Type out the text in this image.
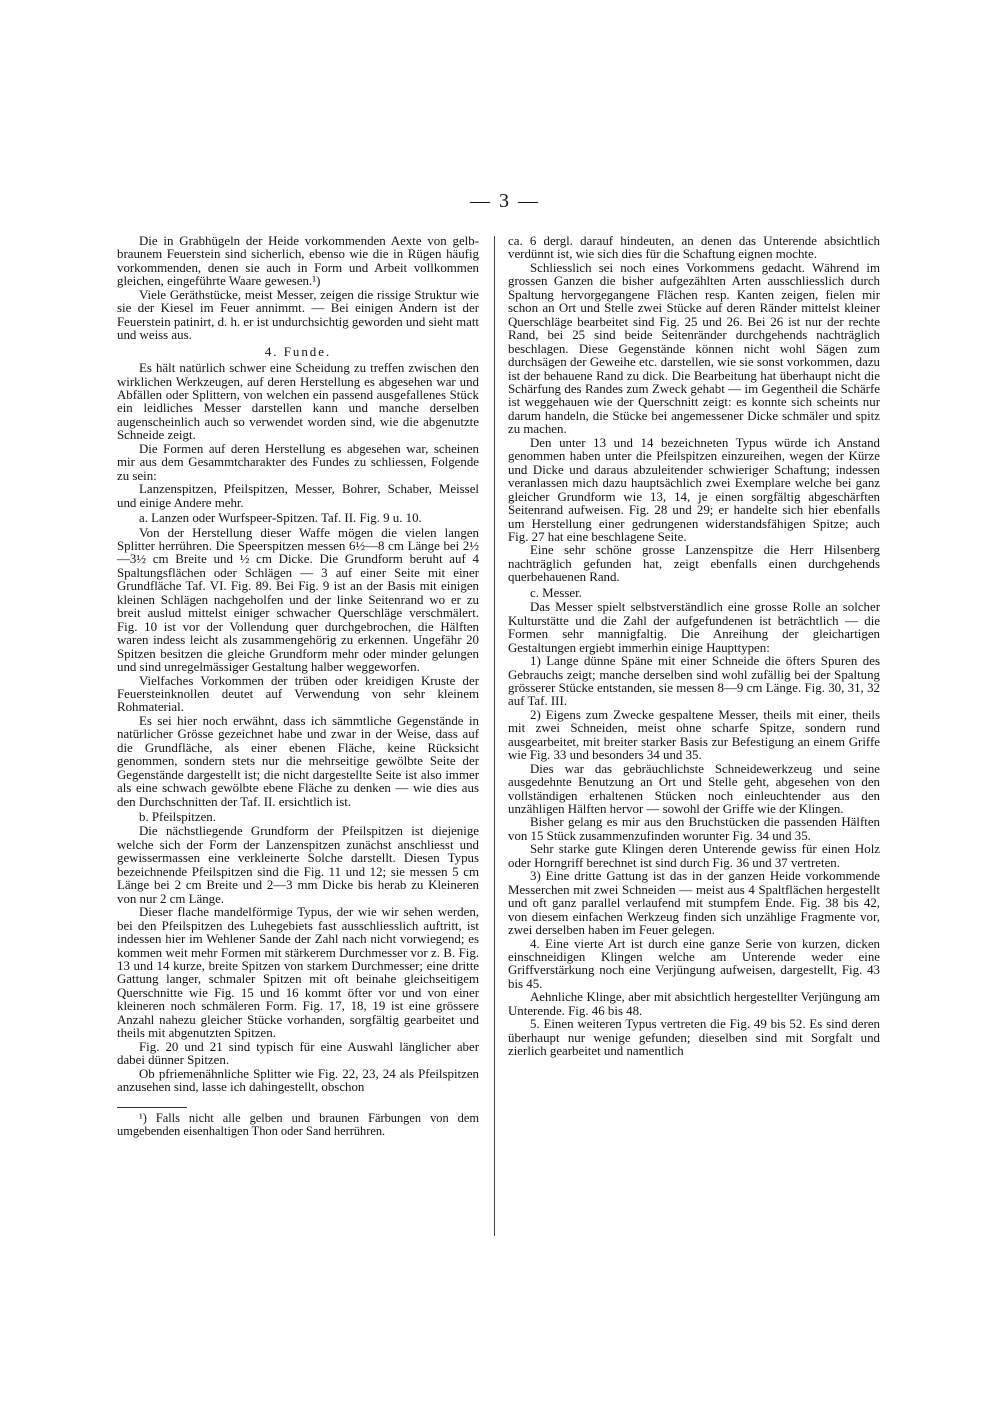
— 3 —

Die in Grabhügeln der Heide vorkommenden Aexte von gelb-braunem Feuerstein sind sicherlich, ebenso wie die in Rügen häufig vorkommenden, denen sie auch in Form und Arbeit vollkommen gleichen, eingeführte Waare gewesen.¹)

Viele Geräthstücke, meist Messer, zeigen die rissige Struktur wie sie der Kiesel im Feuer annimmt. — Bei einigen Andern ist der Feuerstein patinirt, d. h. er ist undurchsichtig geworden und sieht matt und weiss aus.

4. Funde.

Es hält natürlich schwer eine Scheidung zu treffen zwischen den wirklichen Werkzeugen, auf deren Herstellung es abgesehen war und Abfällen oder Splittern, von welchen ein passend ausgefallenes Stück ein leidliches Messer darstellen kann und manche derselben augenscheinlich auch so verwendet worden sind, wie die abgenutzte Schneide zeigt.

Die Formen auf deren Herstellung es abgesehen war, scheinen mir aus dem Gesammtcharakter des Fundes zu schliessen, Folgende zu sein:

Lanzenspitzen, Pfeilspitzen, Messer, Bohrer, Schaber, Meissel und einige Andere mehr.

a. Lanzen oder Wurfspeer-Spitzen. Taf. II. Fig. 9 u. 10.

Von der Herstellung dieser Waffe mögen die vielen langen Splitter herrühren. Die Speerspitzen messen 6½—8 cm Länge bei 2½—3½ cm Breite und ½ cm Dicke. Die Grundform beruht auf 4 Spaltungsflächen oder Schlägen — 3 auf einer Seite mit einer Grundfläche Taf. VI. Fig. 89. Bei Fig. 9 ist an der Basis mit einigen kleinen Schlägen nachgeholfen und der linke Seitenrand wo er zu breit auslud mittelst einiger schwacher Querschläge verschmälert. Fig. 10 ist vor der Vollendung quer durchgebrochen, die Hälften waren indess leicht als zusammengehörig zu erkennen. Ungefähr 20 Spitzen besitzen die gleiche Grundform mehr oder minder gelungen und sind unregelmässiger Gestaltung halber weggeworfen.

Vielfaches Vorkommen der trüben oder kreidigen Kruste der Feuersteinknollen deutet auf Verwendung von sehr kleinem Rohmaterial.

Es sei hier noch erwähnt, dass ich sämmtliche Gegenstände in natürlicher Grösse gezeichnet habe und zwar in der Weise, dass auf die Grundfläche, als einer ebenen Fläche, keine Rücksicht genommen, sondern stets nur die mehrseitige gewölbte Seite der Gegenstände dargestellt ist; die nicht dargestellte Seite ist also immer als eine schwach gewölbte ebene Fläche zu denken — wie dies aus den Durchschnitten der Taf. II. ersichtlich ist.

b. Pfeilspitzen.

Die nächstliegende Grundform der Pfeilspitzen ist diejenige welche sich der Form der Lanzenspitzen zunächst anschliesst und gewissermassen eine verkleinerte Solche darstellt. Diesen Typus bezeichnende Pfeilspitzen sind die Fig. 11 und 12; sie messen 5 cm Länge bei 2 cm Breite und 2—3 mm Dicke bis herab zu Kleineren von nur 2 cm Länge.

Dieser flache mandelförmige Typus, der wie wir sehen werden, bei den Pfeilspitzen des Luhegebiets fast ausschliesslich auftritt, ist indessen hier im Wehlener Sande der Zahl nach nicht vorwiegend; es kommen weit mehr Formen mit stärkerem Durchmesser vor z. B. Fig. 13 und 14 kurze, breite Spitzen von starkem Durchmesser; eine dritte Gattung langer, schmaler Spitzen mit oft beinahe gleichseitigem Querschnitte wie Fig. 15 und 16 kommt öfter vor und von einer kleineren noch schmäleren Form. Fig. 17, 18, 19 ist eine grössere Anzahl nahezu gleicher Stücke vorhanden, sorgfältig gearbeitet und theils mit abgenutzten Spitzen.

Fig. 20 und 21 sind typisch für eine Auswahl länglicher aber dabei dünner Spitzen.

Ob pfriemenähnliche Splitter wie Fig. 22, 23, 24 als Pfeilspitzen anzusehen sind, lasse ich dahingestellt, obschon

¹) Falls nicht alle gelben und braunen Färbungen von dem umgebenden eisenhaltigen Thon oder Sand herrühren.

ca. 6 dergl. darauf hindeuten, an denen das Unterende absichtlich verdünnt ist, wie sich dies für die Schaftung eignen mochte.

Schliesslich sei noch eines Vorkommens gedacht. Während im grossen Ganzen die bisher aufgezählten Arten ausschliesslich durch Spaltung hervorgegangene Flächen resp. Kanten zeigen, fielen mir schon an Ort und Stelle zwei Stücke auf deren Ränder mittelst kleiner Querschläge bearbeitet sind Fig. 25 und 26. Bei 26 ist nur der rechte Rand, bei 25 sind beide Seitenränder durchgehends nachträglich beschlagen. Diese Gegenstände können nicht wohl Sägen zum durchsägen der Geweihe etc. darstellen, wie sie sonst vorkommen, dazu ist der behauene Rand zu dick. Die Bearbeitung hat überhaupt nicht die Schärfung des Randes zum Zweck gehabt — im Gegentheil die Schärfe ist weggehauen wie der Querschnitt zeigt: es konnte sich scheints nur darum handeln, die Stücke bei angemessener Dicke schmäler und spitz zu machen.

Den unter 13 und 14 bezeichneten Typus würde ich Anstand genommen haben unter die Pfeilspitzen einzureihen, wegen der Kürze und Dicke und daraus abzuleitender schwieriger Schaftung; indessen veranlassen mich dazu hauptsächlich zwei Exemplare welche bei ganz gleicher Grundform wie 13, 14, je einen sorgfältig abgeschärften Seitenrand aufweisen. Fig. 28 und 29; er handelte sich hier ebenfalls um Herstellung einer gedrungenen widerstandsfähigen Spitze; auch Fig. 27 hat eine beschlagene Seite.

Eine sehr schöne grosse Lanzenspitze die Herr Hilsenberg nachträglich gefunden hat, zeigt ebenfalls einen durchgehends querbehauenen Rand.

c. Messer.

Das Messer spielt selbstverständlich eine grosse Rolle an solcher Kulturstätte und die Zahl der aufgefundenen ist beträchtlich — die Formen sehr mannigfaltig. Die Anreihung der gleichartigen Gestaltungen ergiebt immerhin einige Haupttypen:

1) Lange dünne Späne mit einer Schneide die öfters Spuren des Gebrauchs zeigt; manche derselben sind wohl zufällig bei der Spaltung grösserer Stücke entstanden, sie messen 8—9 cm Länge. Fig. 30, 31, 32 auf Taf. III.

2) Eigens zum Zwecke gespaltene Messer, theils mit einer, theils mit zwei Schneiden, meist ohne scharfe Spitze, sondern rund ausgearbeitet, mit breiter starker Basis zur Befestigung an einem Griffe wie Fig. 33 und besonders 34 und 35.

Dies war das gebräuchlichste Schneidewerkzeug und seine ausgedehnte Benutzung an Ort und Stelle geht, abgesehen von den vollständigen erhaltenen Stücken noch einleuchtender aus den unzähligen Hälften hervor — sowohl der Griffe wie der Klingen.

Bisher gelang es mir aus den Bruchstücken die passenden Hälften von 15 Stück zusammenzufinden worunter Fig. 34 und 35.

Sehr starke gute Klingen deren Unterende gewiss für einen Holz oder Horngriff berechnet ist sind durch Fig. 36 und 37 vertreten.

3) Eine dritte Gattung ist das in der ganzen Heide vorkommende Messerchen mit zwei Schneiden — meist aus 4 Spaltflächen hergestellt und oft ganz parallel verlaufend mit stumpfem Ende. Fig. 38 bis 42, von diesem einfachen Werkzeug finden sich unzählige Fragmente vor, zwei derselben haben im Feuer gelegen.

4. Eine vierte Art ist durch eine ganze Serie von kurzen, dicken einschneidigen Klingen welche am Unterende weder eine Griffverstärkung noch eine Verjüngung aufweisen, dargestellt, Fig. 43 bis 45.

Aehnliche Klinge, aber mit absichtlich hergestellter Verjüngung am Unterende. Fig. 46 bis 48.

5. Einen weiteren Typus vertreten die Fig. 49 bis 52. Es sind deren überhaupt nur wenige gefunden; dieselben sind mit Sorgfalt und zierlich gearbeitet und namentlich
